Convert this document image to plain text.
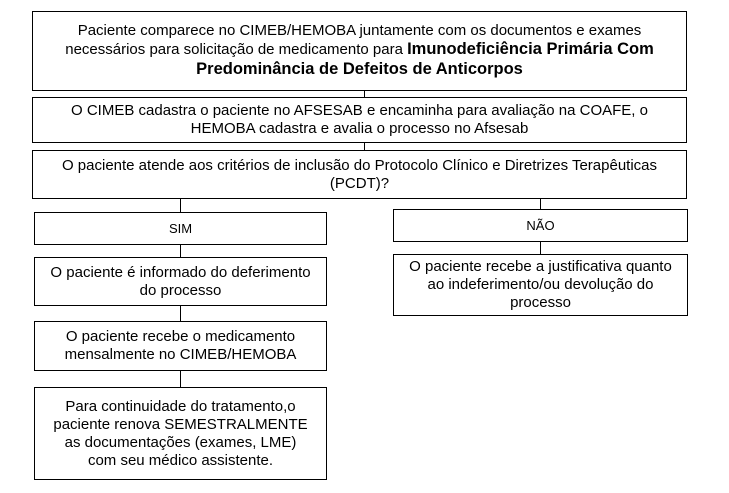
Paciente comparece no CIMEB/HEMOBA juntamente com os documentos e exames necessários para solicitação de medicamento para Imunodeficiência Primária Com Predominância de Defeitos de Anticorpos
O CIMEB cadastra o paciente no AFSESAB e encaminha para avaliação na COAFE, o HEMOBA cadastra e avalia o processo no Afsesab
O paciente atende aos critérios de inclusão do Protocolo Clínico e Diretrizes Terapêuticas (PCDT)?
SIM
O paciente é informado do deferimento do processo
O paciente recebe o medicamento mensalmente no CIMEB/HEMOBA
Para continuidade do tratamento,o paciente renova SEMESTRALMENTE as documentações (exames, LME) com seu médico assistente.
NÃO
O paciente recebe a justificativa quanto ao indeferimento/ou devolução do processo
